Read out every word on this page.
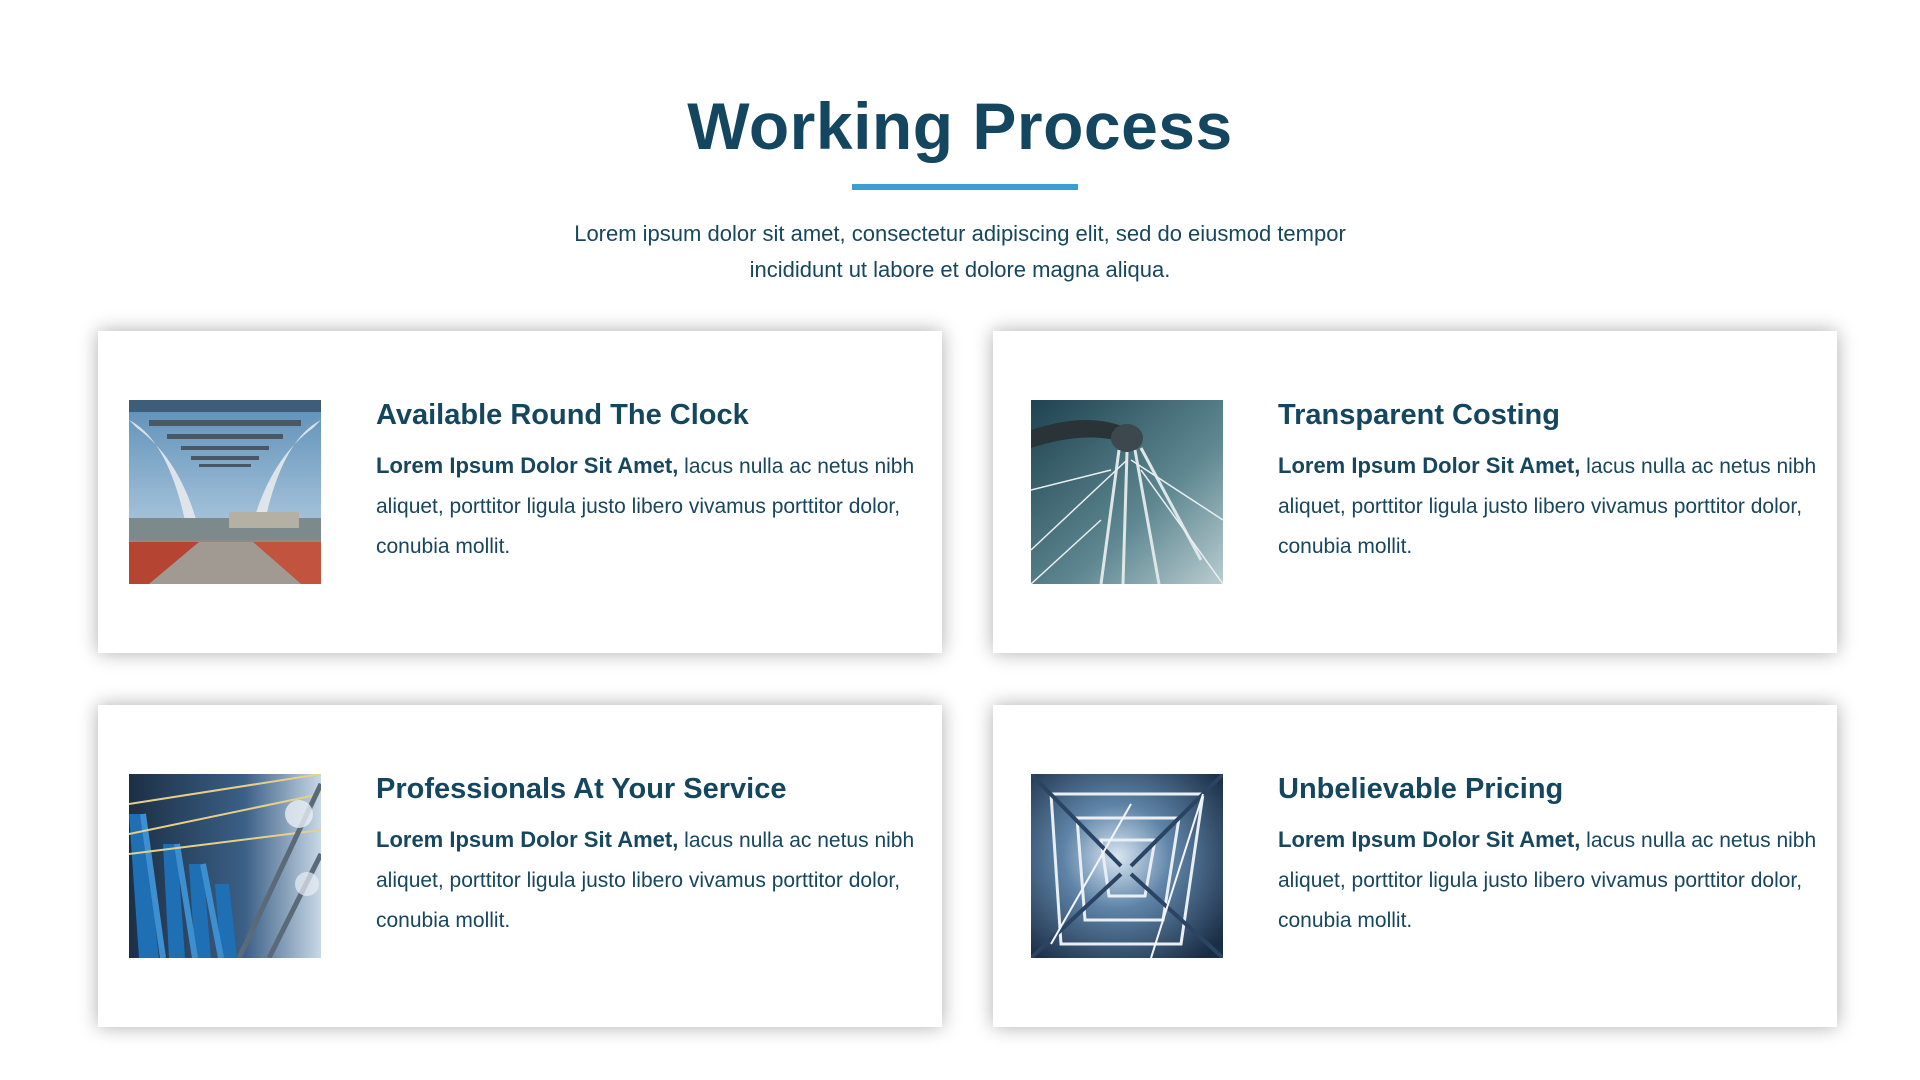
Working Process

Lorem ipsum dolor sit amet, consectetur adipiscing elit, sed do eiusmod tempor
incididunt ut labore et dolore magna aliqua.

Available Round The Clock

Lorem Ipsum Dolor Sit Amet, lacus nulla ac netus nibh aliquet, porttitor ligula justo libero vivamus porttitor dolor, conubia mollit.

Transparent Costing

Lorem Ipsum Dolor Sit Amet, lacus nulla ac netus nibh aliquet, porttitor ligula justo libero vivamus porttitor dolor, conubia mollit.

Professionals At Your Service

Lorem Ipsum Dolor Sit Amet, lacus nulla ac netus nibh aliquet, porttitor ligula justo libero vivamus porttitor dolor, conubia mollit.

Unbelievable Pricing

Lorem Ipsum Dolor Sit Amet, lacus nulla ac netus nibh aliquet, porttitor ligula justo libero vivamus porttitor dolor, conubia mollit.
